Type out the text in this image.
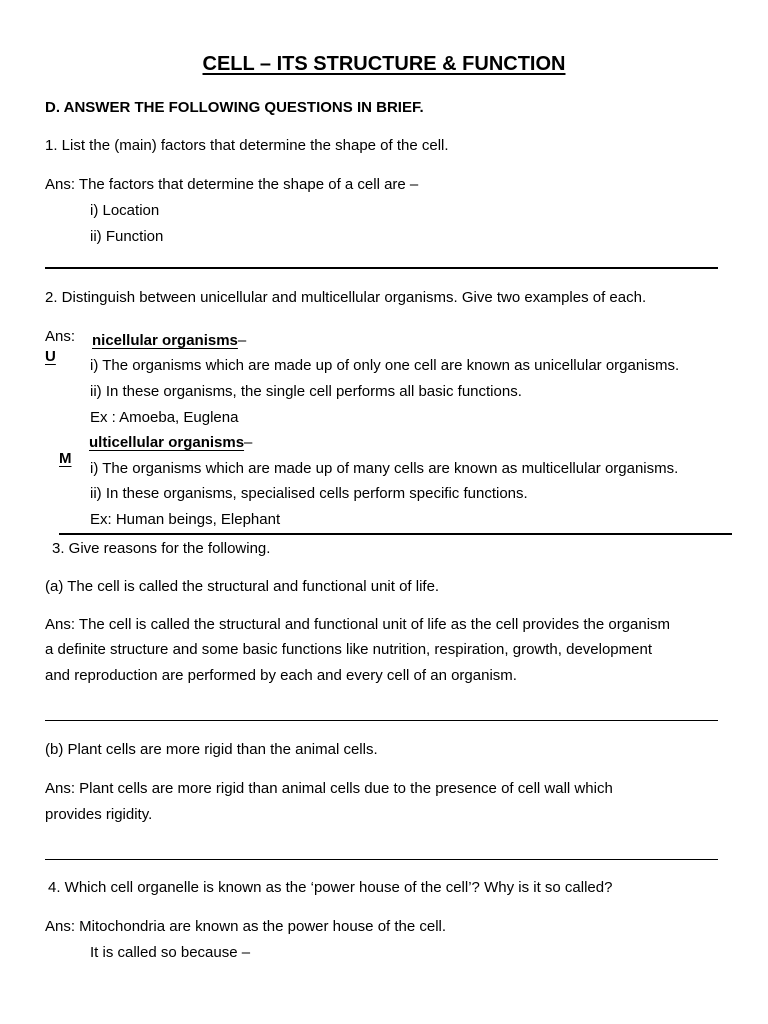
CELL – ITS STRUCTURE & FUNCTION
D. ANSWER THE FOLLOWING QUESTIONS IN BRIEF.
1. List the (main) factors that determine the shape of the cell.
Ans: The factors that determine the shape of a cell are –
i) Location
ii) Function
2. Distinguish between unicellular and multicellular organisms. Give two examples of each.
Ans:
U
nicellular organisms–
i) The organisms which are made up of only one cell are known as unicellular organisms.
ii) In these organisms, the single cell performs all basic functions.
Ex : Amoeba, Euglena
M
ulticellular organisms–
i) The organisms which are made up of many cells are known as multicellular organisms.
ii) In these organisms, specialised cells perform specific functions.
Ex: Human beings, Elephant
3. Give reasons for the following.
(a) The cell is called the structural and functional unit of life.
Ans: The cell is called the structural and functional unit of life as the cell provides the organism
a definite structure and some basic functions like nutrition, respiration, growth, development
and reproduction are performed by each and every cell of an organism.
(b) Plant cells are more rigid than the animal cells.
Ans: Plant cells are more rigid than animal cells due to the presence of cell wall which
provides rigidity.
4. Which cell organelle is known as the ‘power house of the cell’? Why is it so called?
Ans: Mitochondria are known as the power house of the cell.
It is called so because –
